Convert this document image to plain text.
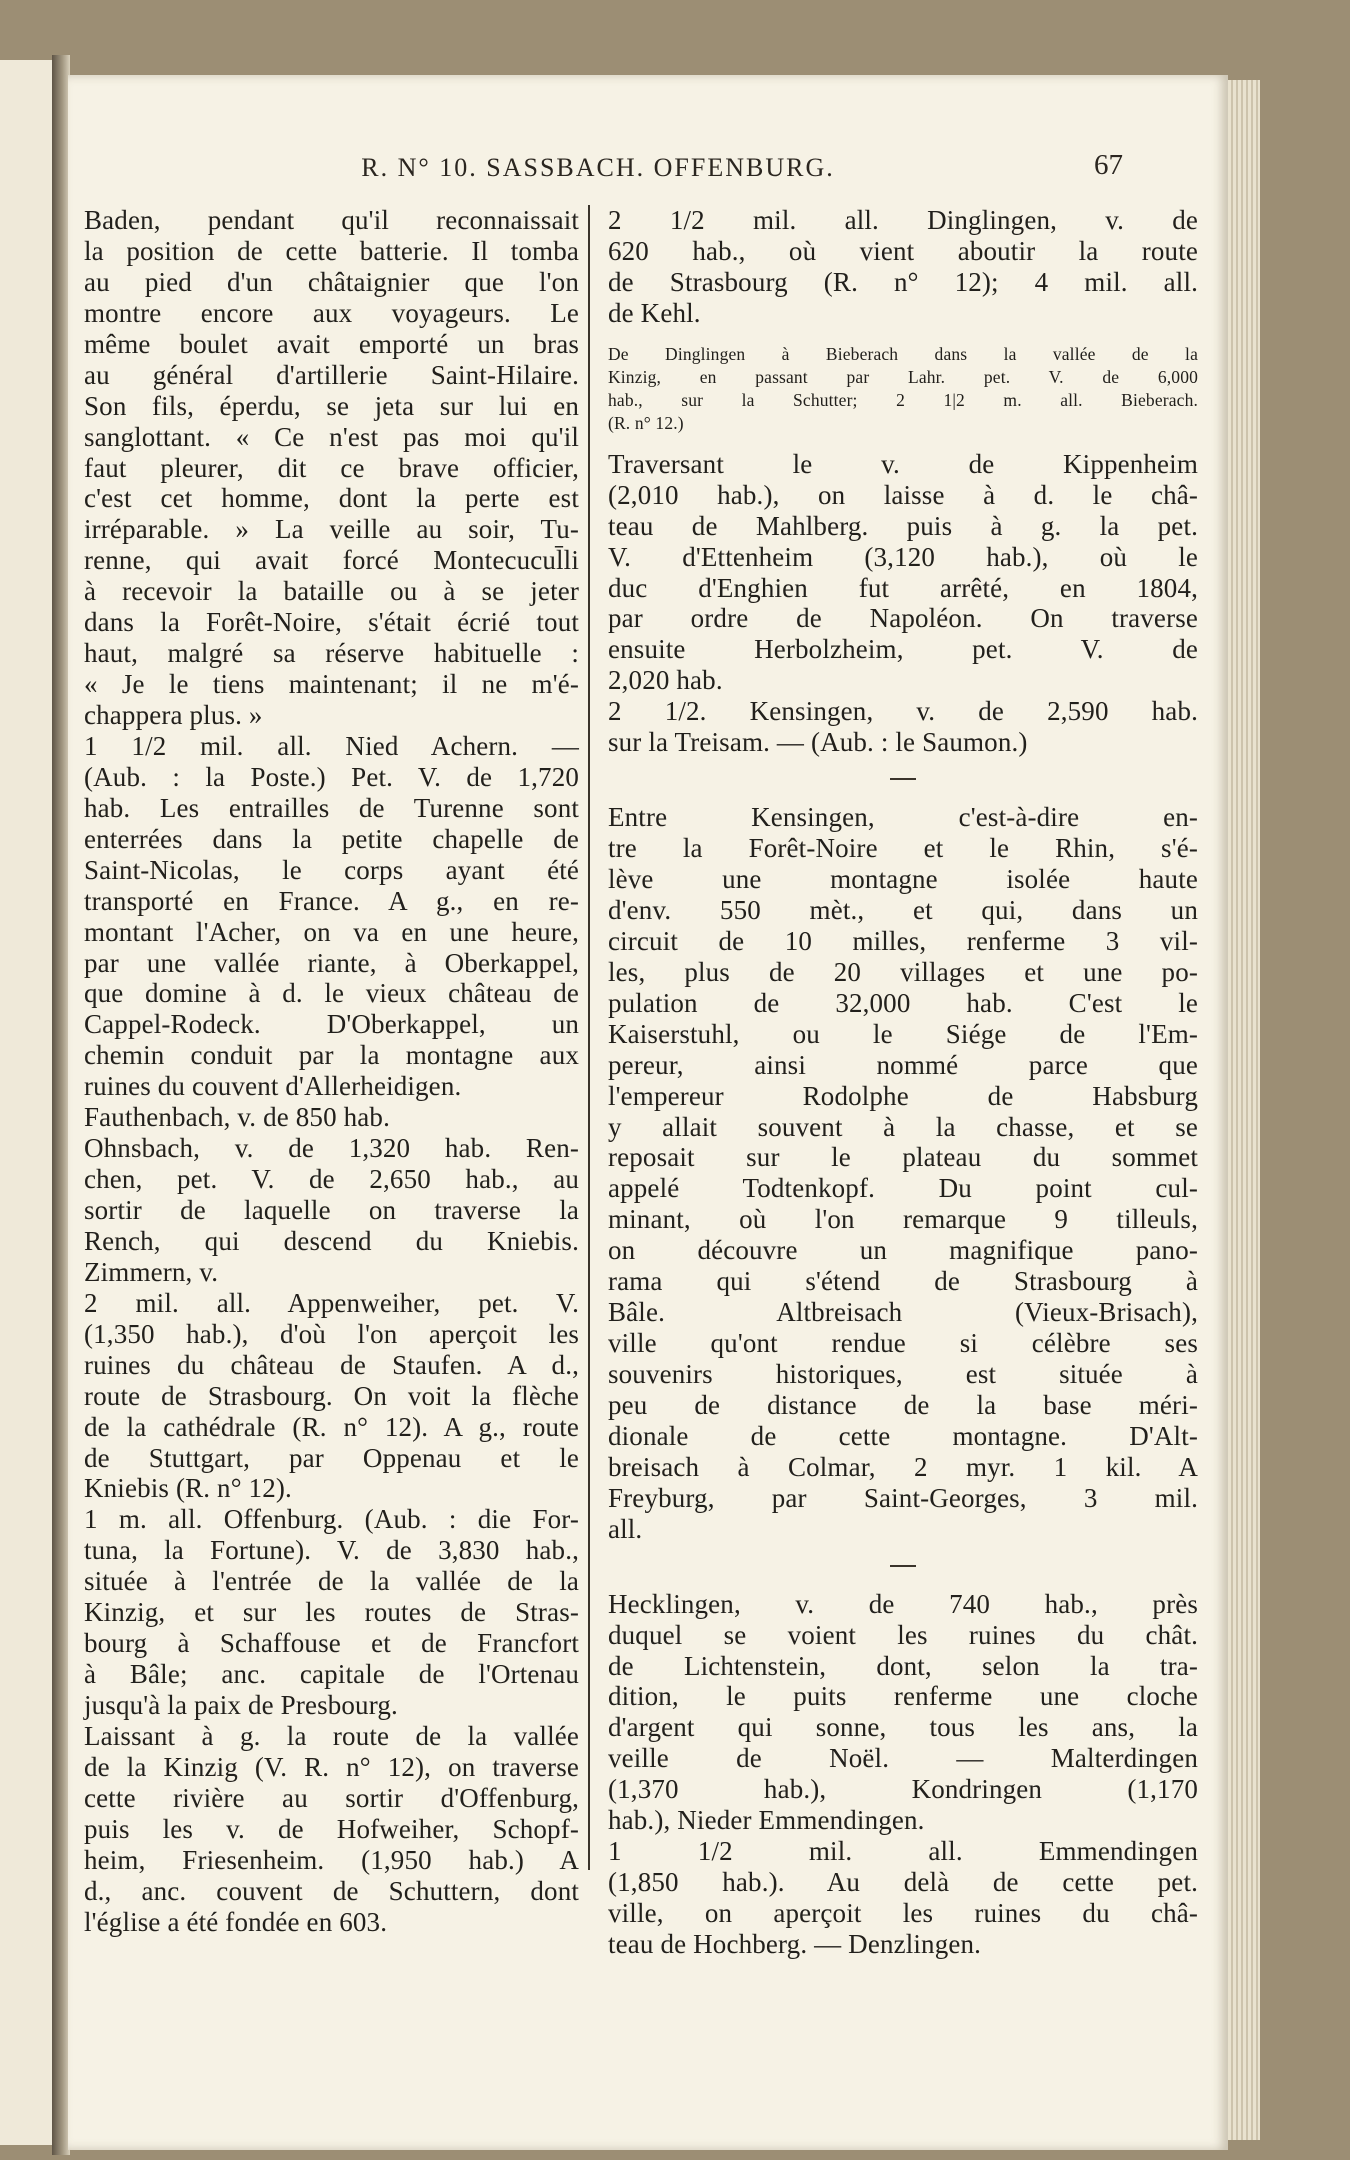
R. N° 10. SASSBACH. OFFENBURG.	67
Baden, pendant qu'il reconnaissait
la position de cette batterie. Il tomba
au pied d'un châtaignier que l'on
montre encore aux voyageurs. Le
même boulet avait emporté un bras
au général d'artillerie Saint-Hilaire.
Son fils, éperdu, se jeta sur lui en
sanglottant. « Ce n'est pas moi qu'il
faut pleurer, dit ce brave officier,
c'est cet homme, dont la perte est
irréparable. » La veille au soir, Tu-
renne, qui avait forcé Montecucul̄li
à recevoir la bataille ou à se jeter
dans la Forêt-Noire, s'était écrié tout
haut, malgré sa réserve habituelle :
« Je le tiens maintenant; il ne m'é-
chappera plus. »
1 1/2 mil. all. Nied Achern. —
(Aub. : la Poste.) Pet. V. de 1,720
hab. Les entrailles de Turenne sont
enterrées dans la petite chapelle de
Saint-Nicolas, le corps ayant été
transporté en France. A g., en re-
montant l'Acher, on va en une heure,
par une vallée riante, à Oberkappel,
que domine à d. le vieux château de
Cappel-Rodeck. D'Oberkappel, un
chemin conduit par la montagne aux
ruines du couvent d'Allerheidigen.
Fauthenbach, v. de 850 hab.
Ohnsbach, v. de 1,320 hab. Ren-
chen, pet. V. de 2,650 hab., au
sortir de laquelle on traverse la
Rench, qui descend du Kniebis.
Zimmern, v.
2 mil. all. Appenweiher, pet. V.
(1,350 hab.), d'où l'on aperçoit les
ruines du château de Staufen. A d.,
route de Strasbourg. On voit la flèche
de la cathédrale (R. n° 12). A g., route
de Stuttgart, par Oppenau et le
Kniebis (R. n° 12).
1 m. all. Offenburg. (Aub. : die For-
tuna, la Fortune). V. de 3,830 hab.,
située à l'entrée de la vallée de la
Kinzig, et sur les routes de Stras-
bourg à Schaffouse et de Francfort
à Bâle; anc. capitale de l'Ortenau
jusqu'à la paix de Presbourg.
Laissant à g. la route de la vallée
de la Kinzig (V. R. n° 12), on traverse
cette rivière au sortir d'Offenburg,
puis les v. de Hofweiher, Schopf-
heim, Friesenheim. (1,950 hab.) A
d., anc. couvent de Schuttern, dont
l'église a été fondée en 603.
2 1/2 mil. all. Dinglingen, v. de
620 hab., où vient aboutir la route
de Strasbourg (R. n° 12); 4 mil. all.
de Kehl.
De Dinglingen à Bieberach dans la vallée de la
Kinzig, en passant par Lahr. pet. V. de 6,000
hab., sur la Schutter; 2 1|2 m. all. Bieberach.
(R. n° 12.)
Traversant le v. de Kippenheim
(2,010 hab.), on laisse à d. le châ-
teau de Mahlberg. puis à g. la pet.
V. d'Ettenheim (3,120 hab.), où le
duc d'Enghien fut arrêté, en 1804,
par ordre de Napoléon. On traverse
ensuite Herbolzheim, pet. V. de
2,020 hab.
2 1/2. Kensingen, v. de 2,590 hab.
sur la Treisam. — (Aub. : le Saumon.)
Entre Kensingen, c'est-à-dire en-
tre la Forêt-Noire et le Rhin, s'é-
lève une montagne isolée haute
d'env. 550 mèt., et qui, dans un
circuit de 10 milles, renferme 3 vil-
les, plus de 20 villages et une po-
pulation de 32,000 hab. C'est le
Kaiserstuhl, ou le Siége de l'Em-
pereur, ainsi nommé parce que
l'empereur Rodolphe de Habsburg
y allait souvent à la chasse, et se
reposait sur le plateau du sommet
appelé Todtenkopf. Du point cul-
minant, où l'on remarque 9 tilleuls,
on découvre un magnifique pano-
rama qui s'étend de Strasbourg à
Bâle. Altbreisach (Vieux-Brisach),
ville qu'ont rendue si célèbre ses
souvenirs historiques, est située à
peu de distance de la base méri-
dionale de cette montagne. D'Alt-
breisach à Colmar, 2 myr. 1 kil. A
Freyburg, par Saint-Georges, 3 mil.
all.
Hecklingen, v. de 740 hab., près
duquel se voient les ruines du chât.
de Lichtenstein, dont, selon la tra-
dition, le puits renferme une cloche
d'argent qui sonne, tous les ans, la
veille de Noël. — Malterdingen
(1,370 hab.), Kondringen (1,170
hab.), Nieder Emmendingen.
1 1/2 mil. all. Emmendingen
(1,850 hab.). Au delà de cette pet.
ville, on aperçoit les ruines du châ-
teau de Hochberg. — Denzlingen.
